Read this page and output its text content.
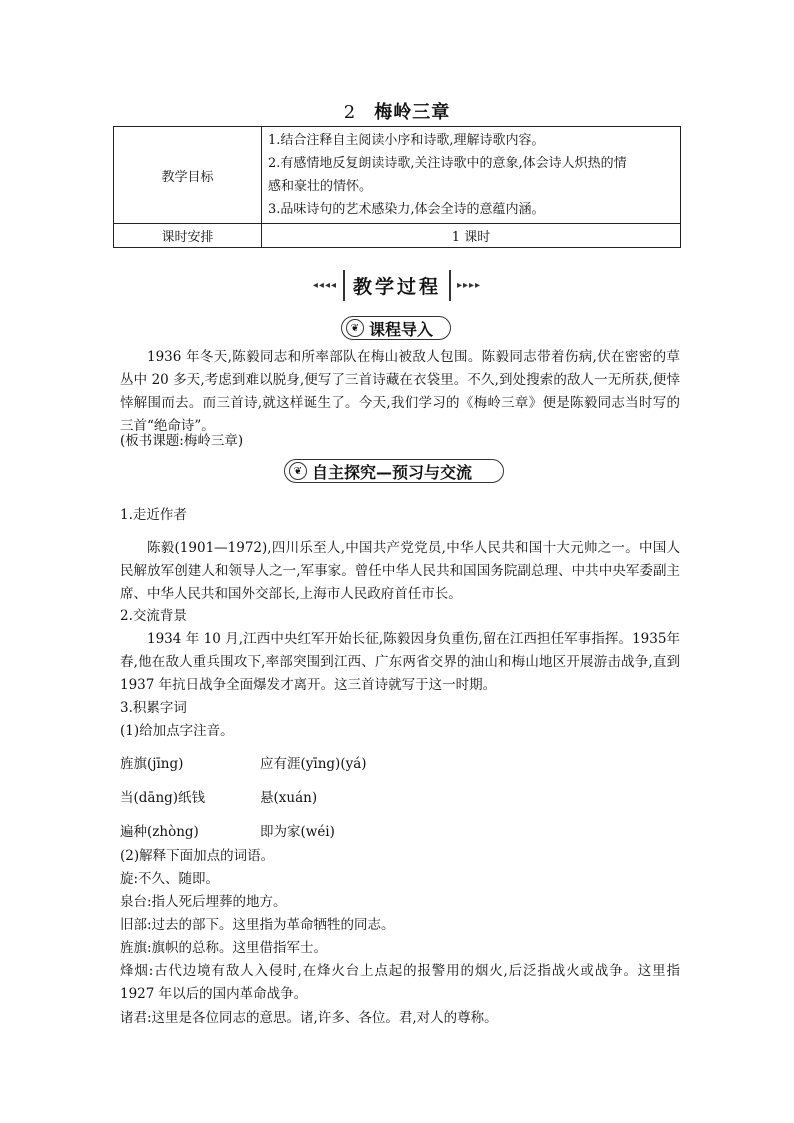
2 梅岭三章
教学目标	1.结合注释自主阅读小序和诗歌,理解诗歌内容。
2.有感情地反复朗读诗歌,关注诗歌中的意象,体会诗人炽热的情
感和豪壮的情怀。
3.品味诗句的艺术感染力,体会全诗的意蕴内涵。

课时安排	1 课时
◂◂◂◂ 教学过程 ▸▸▸▸
❦ 课程导入
1936 年冬天,陈毅同志和所率部队在梅山被敌人包围。陈毅同志带着伤病,伏在密密的草丛中 20 多天,考虑到难以脱身,便写了三首诗藏在衣袋里。不久,到处搜索的敌人一无所获,便悻悻解围而去。而三首诗,就这样诞生了。今天,我们学习的《梅岭三章》便是陈毅同志当时写的三首“绝命诗”。
(板书课题:梅岭三章)
❦ 自主探究—预习与交流
1.走近作者
陈毅(1901—1972),四川乐至人,中国共产党党员,中华人民共和国十大元帅之一。中国人民解放军创建人和领导人之一,军事家。曾任中华人民共和国国务院副总理、中共中央军委副主席、中华人民共和国外交部长,上海市人民政府首任市长。
2.交流背景
1934 年 10 月,江西中央红军开始长征,陈毅因身负重伤,留在江西担任军事指挥。1935年春,他在敌人重兵围攻下,率部突围到江西、广东两省交界的油山和梅山地区开展游击战争,直到 1937 年抗日战争全面爆发才离开。这三首诗就写于这一时期。
3.积累字词
(1)给加点字注音。
旌旗(jīng)	应有涯(yīng)(yá)
当(dāng)纸钱	悬(xuán)
遍种(zhòng)	即为家(wéi)
(2)解释下面加点的词语。
旋:不久、随即。
泉台:指人死后埋葬的地方。
旧部:过去的部下。这里指为革命牺牲的同志。
旌旗:旗帜的总称。这里借指军士。
烽烟:古代边境有敌人入侵时,在烽火台上点起的报警用的烟火,后泛指战火或战争。这里指 1927 年以后的国内革命战争。
诸君:这里是各位同志的意思。诸,许多、各位。君,对人的尊称。
